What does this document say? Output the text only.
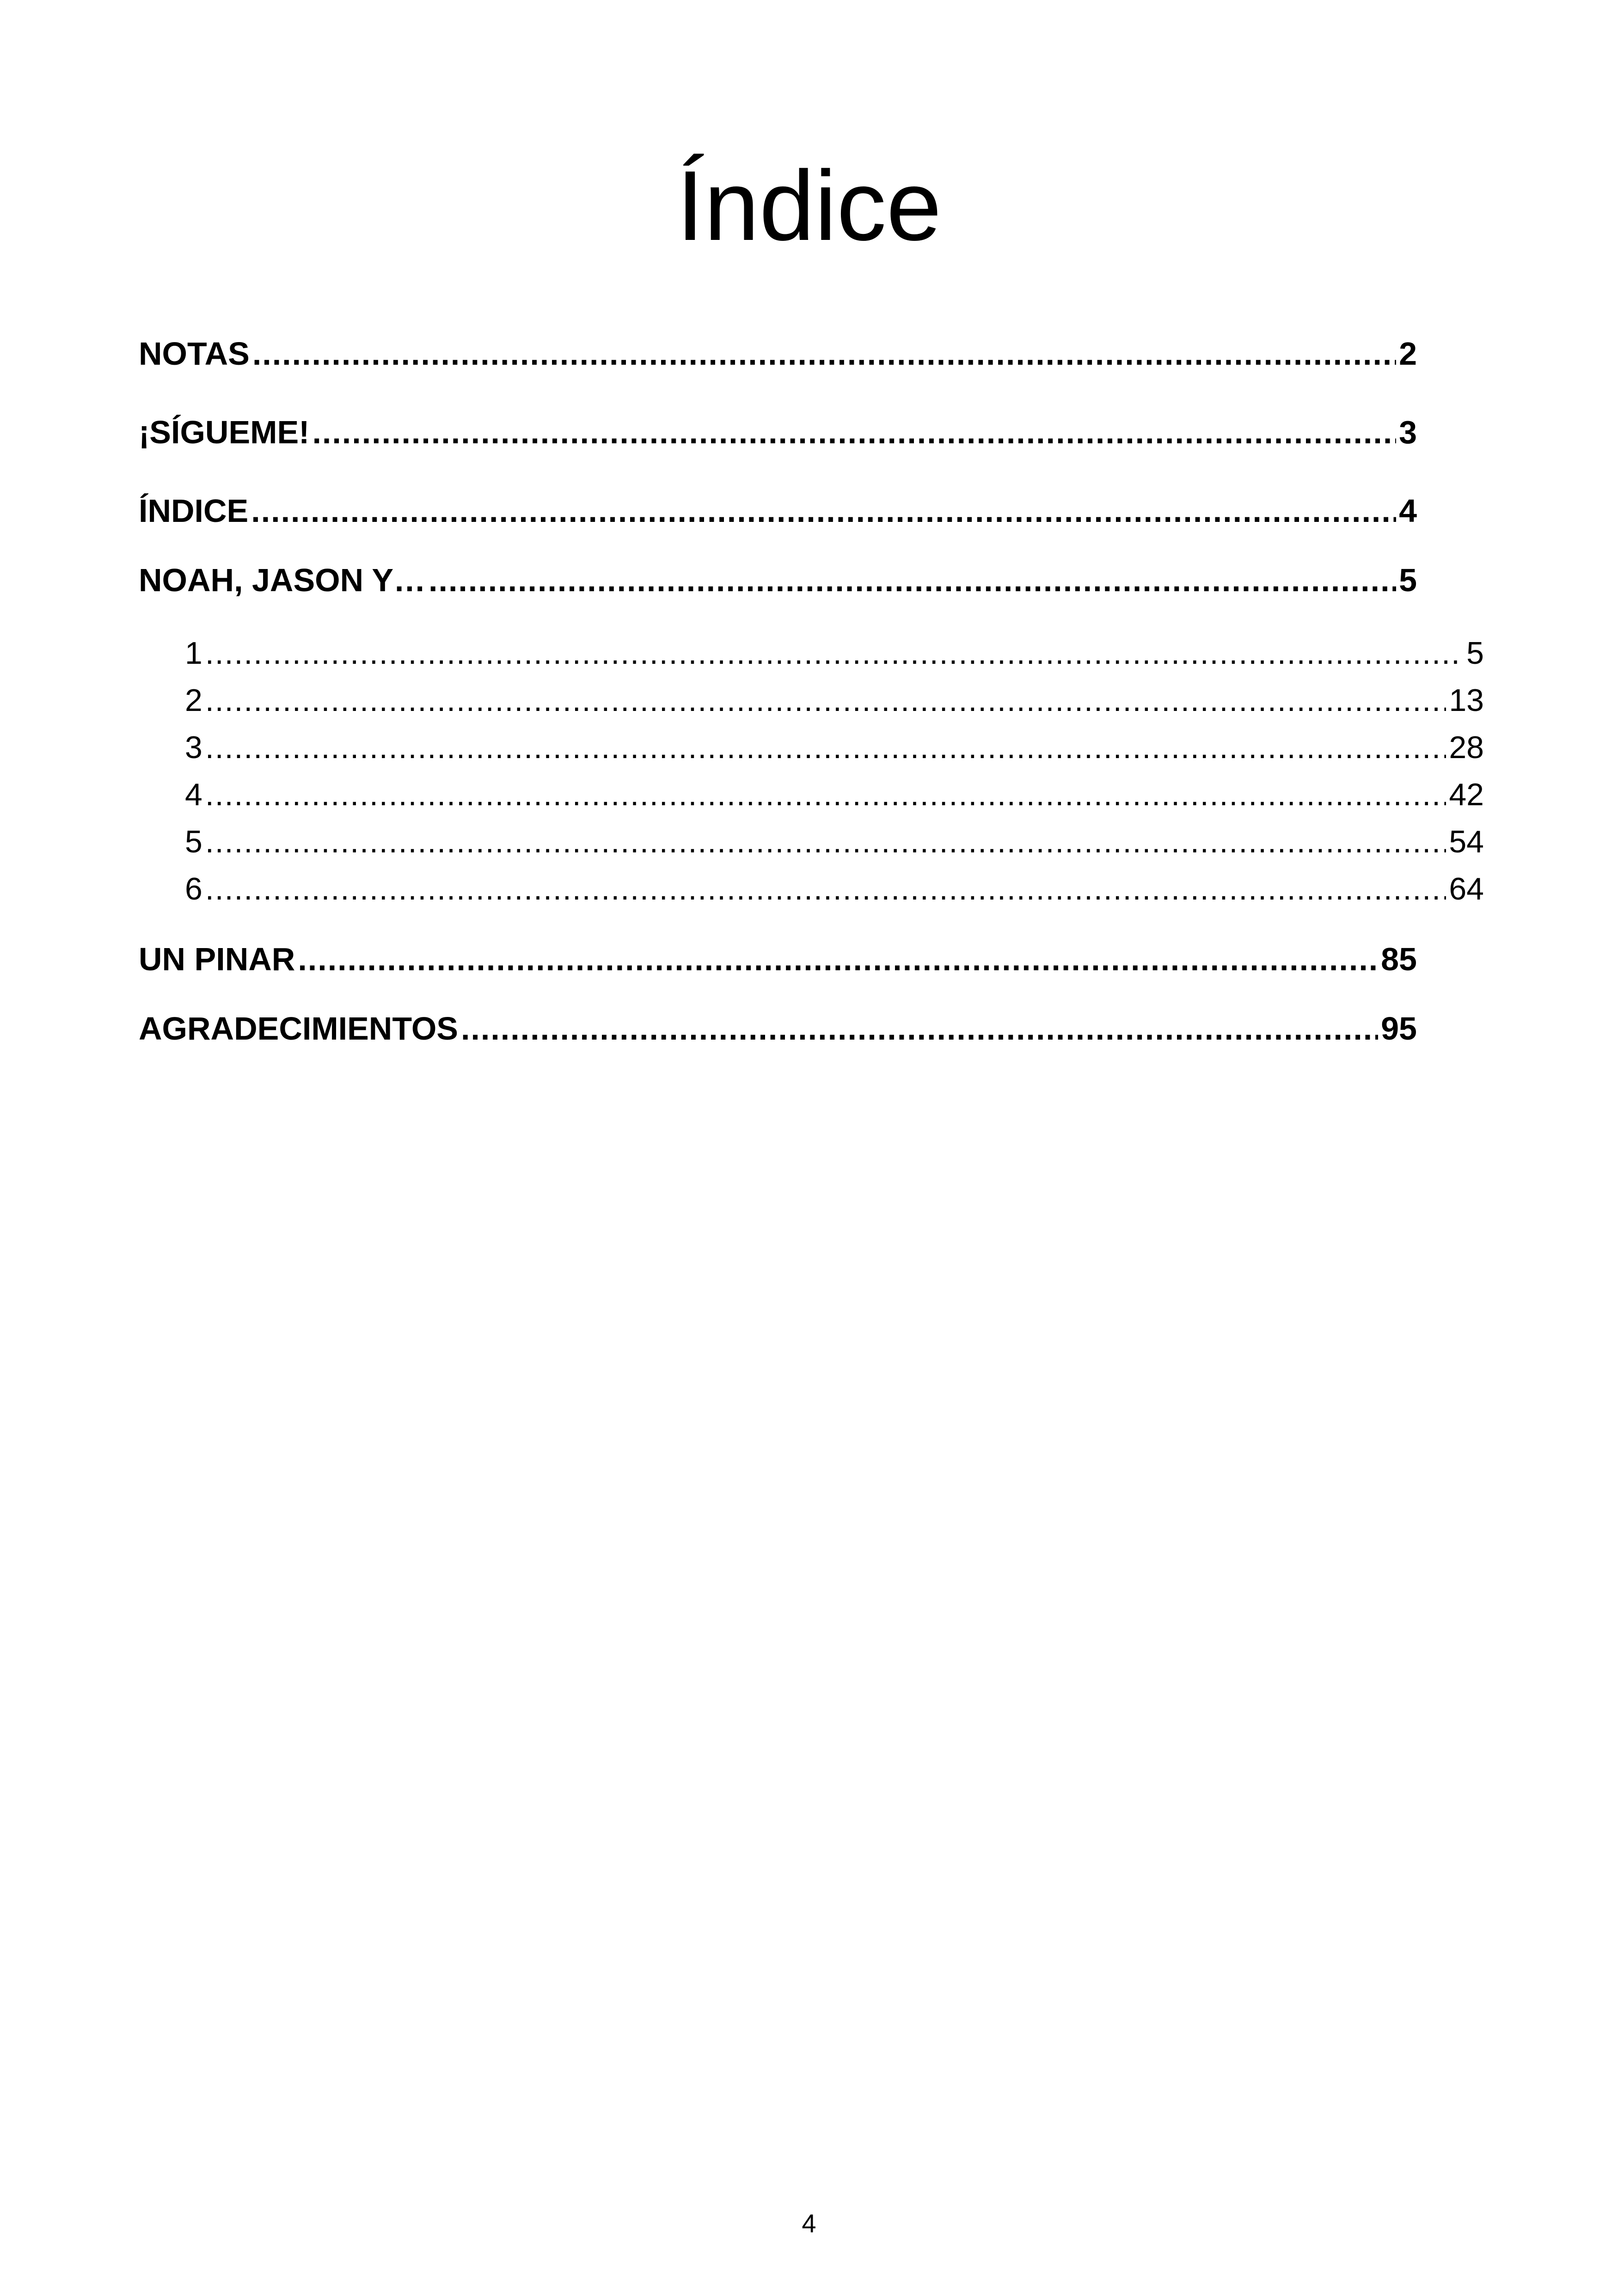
Índice
NOTAS .....	2
¡SÍGUEME! .....	3
ÍNDICE .....	4
NOAH, JASON Y… .....	5
1 .....	5
2 .....	13
3 .....	28
4 .....	42
5 .....	54
6 .....	64
UN PINAR .....	85
AGRADECIMIENTOS .....	95
4
